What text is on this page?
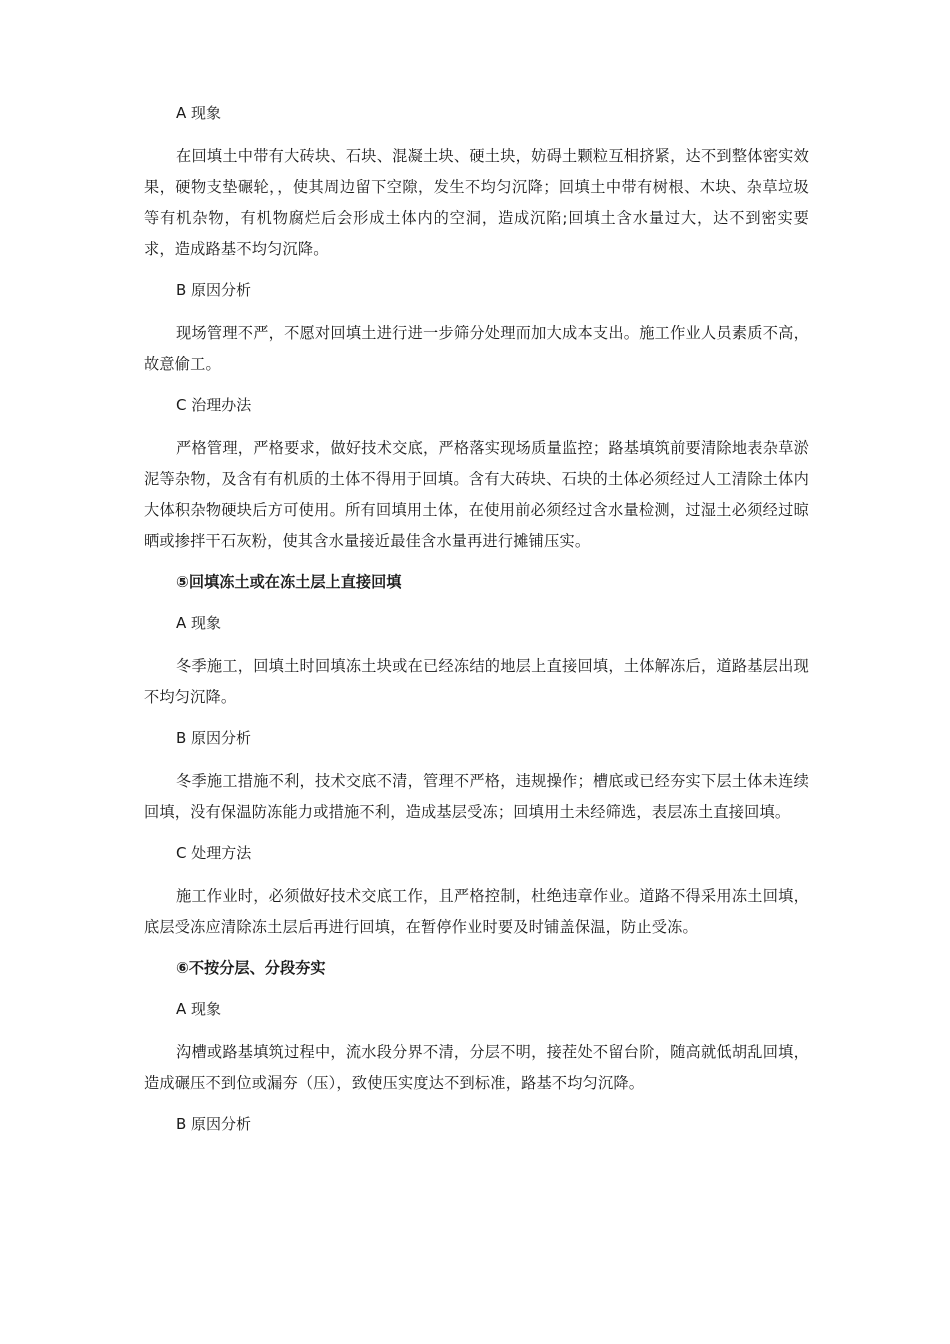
A 现象
在回填土中带有大砖块、石块、混凝土块、硬土块，妨碍土颗粒互相挤紧，达不到整体密实效果，硬物支垫碾轮，，使其周边留下空隙，发生不均匀沉降；回填土中带有树根、木块、杂草垃圾等有机杂物，有机物腐烂后会形成土体内的空洞，造成沉陷;回填土含水量过大，达不到密实要求，造成路基不均匀沉降。
B 原因分析
现场管理不严，不愿对回填土进行进一步筛分处理而加大成本支出。施工作业人员素质不高，故意偷工。
C 治理办法
严格管理，严格要求，做好技术交底，严格落实现场质量监控；路基填筑前要清除地表杂草淤泥等杂物，及含有有机质的土体不得用于回填。含有大砖块、石块的土体必须经过人工清除土体内大体积杂物硬块后方可使用。所有回填用土体，在使用前必须经过含水量检测，过湿土必须经过晾晒或掺拌干石灰粉，使其含水量接近最佳含水量再进行摊铺压实。
⑤回填冻土或在冻土层上直接回填
A 现象
冬季施工，回填土时回填冻土块或在已经冻结的地层上直接回填，土体解冻后，道路基层出现不均匀沉降。
B 原因分析
冬季施工措施不利，技术交底不清，管理不严格，违规操作；槽底或已经夯实下层土体未连续回填，没有保温防冻能力或措施不利，造成基层受冻；回填用土未经筛选，表层冻土直接回填。
C 处理方法
施工作业时，必须做好技术交底工作，且严格控制，杜绝违章作业。道路不得采用冻土回填，底层受冻应清除冻土层后再进行回填，在暂停作业时要及时铺盖保温，防止受冻。
⑥不按分层、分段夯实
A 现象
沟槽或路基填筑过程中，流水段分界不清，分层不明，接茬处不留台阶，随高就低胡乱回填，造成碾压不到位或漏夯（压），致使压实度达不到标准，路基不均匀沉降。
B 原因分析
